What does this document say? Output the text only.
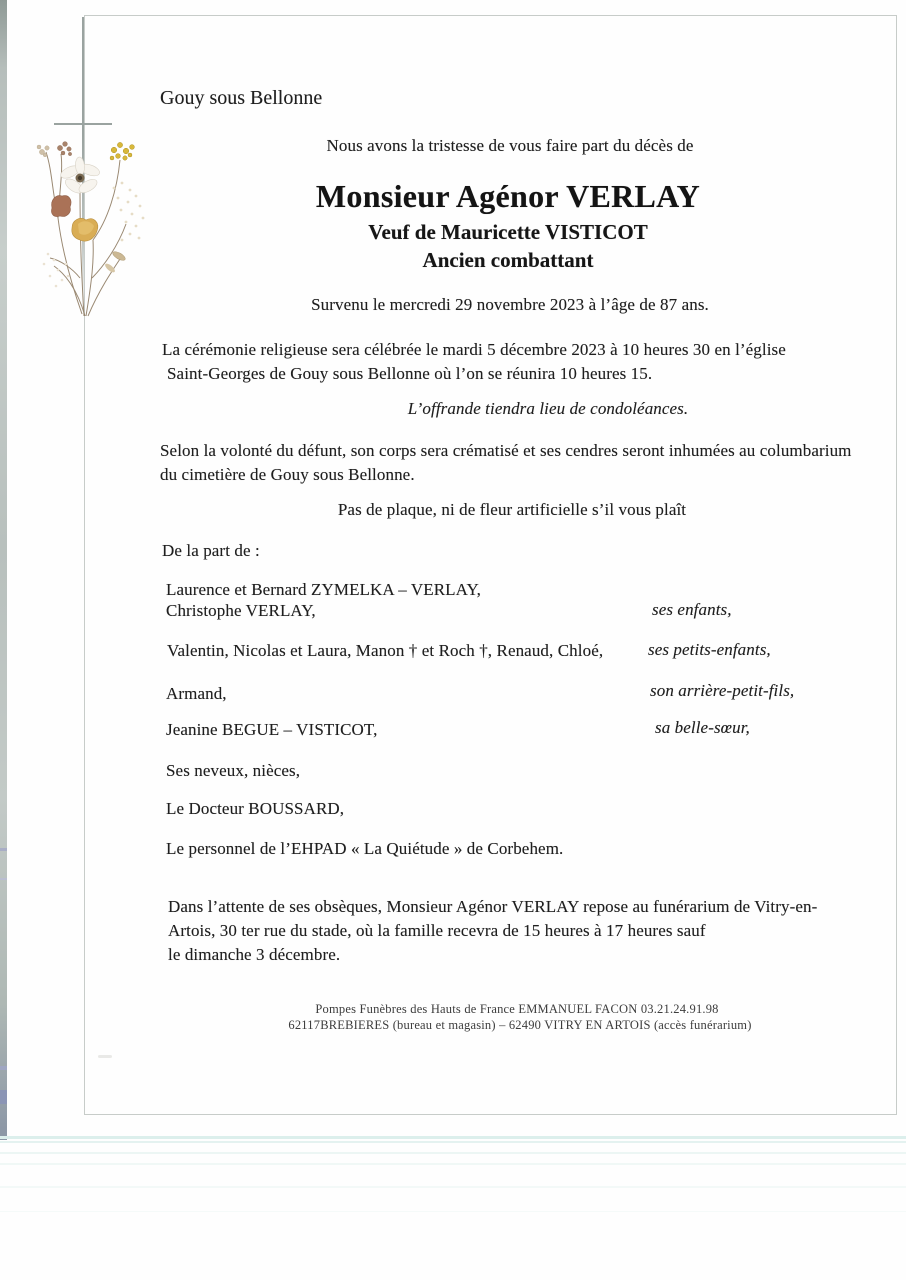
Gouy sous Bellonne
Nous avons la tristesse de vous faire part du décès de
Monsieur Agénor VERLAY
Veuf de Mauricette VISTICOT
Ancien combattant
Survenu le mercredi 29 novembre 2023 à l’âge de 87 ans.
La cérémonie religieuse sera célébrée le mardi 5 décembre 2023 à 10 heures 30 en l’église
Saint-Georges de Gouy sous Bellonne où l’on se réunira 10 heures 15.
L’offrande tiendra lieu de condoléances.
Selon la volonté du défunt, son corps sera crématisé et ses cendres seront inhumées au columbarium
du cimetière de Gouy sous Bellonne.
Pas de plaque, ni de fleur artificielle s’il vous plaît
De la part de :
Laurence et Bernard ZYMELKA – VERLAY,
Christophe VERLAY,	ses enfants,
Valentin, Nicolas et Laura, Manon † et Roch †, Renaud, Chloé,	ses petits-enfants,
Armand,	son arrière-petit-fils,
Jeanine BEGUE – VISTICOT,	sa belle-sœur,
Ses neveux, nièces,
Le Docteur BOUSSARD,
Le personnel de l’EHPAD « La Quiétude » de Corbehem.
Dans l’attente de ses obsèques, Monsieur Agénor VERLAY repose au funérarium de Vitry-en-
Artois, 30 ter rue du stade, où la famille recevra de 15 heures à 17 heures sauf
le dimanche 3 décembre.
Pompes Funèbres des Hauts de France EMMANUEL FACON 03.21.24.91.98
62117BREBIERES (bureau et magasin) – 62490 VITRY EN ARTOIS (accès funérarium)
